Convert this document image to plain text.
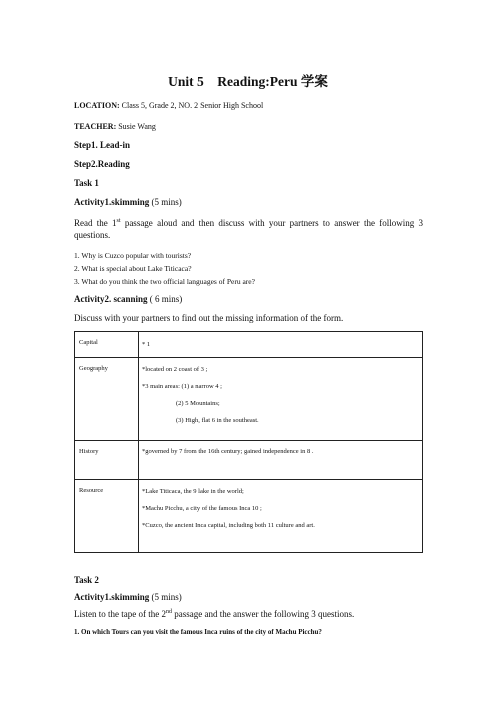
Unit 5　Reading:Peru 学案
LOCATION: Class 5, Grade 2, NO. 2 Senior High School
TEACHER: Susie Wang
Step1. Lead-in
Step2.Reading
Task 1
Activity1.skimming (5 mins)
Read the 1st passage aloud and then discuss with your partners to answer the following 3 questions.
1. Why is Cuzco popular with tourists?
2. What is special about Lake Titicaca?
3. What do you think the two official languages of Peru are?
Activity2. scanning ( 6 mins)
Discuss with your partners to find out the missing information of the form.
Capital	* 1

Geography	*located on 2 coast of 3 ;
*3 main areas: (1) a narrow 4 ;
(2) 5 Mountains;
(3) High, flat 6 in the southeast.

History	*governed by 7 from the 16th century; gained independence in 8 .

Resource	*Lake Titicaca, the 9 lake in the world;
*Machu Picchu, a city of the famous Inca 10 ;
*Cuzco, the ancient Inca capital, including both 11 culture and art.
Task 2
Activity1.skimming (5 mins)
Listen to the tape of the 2nd passage and the answer the following 3 questions.
1. On which Tours can you visit the famous Inca ruins of the city of Machu Picchu?
